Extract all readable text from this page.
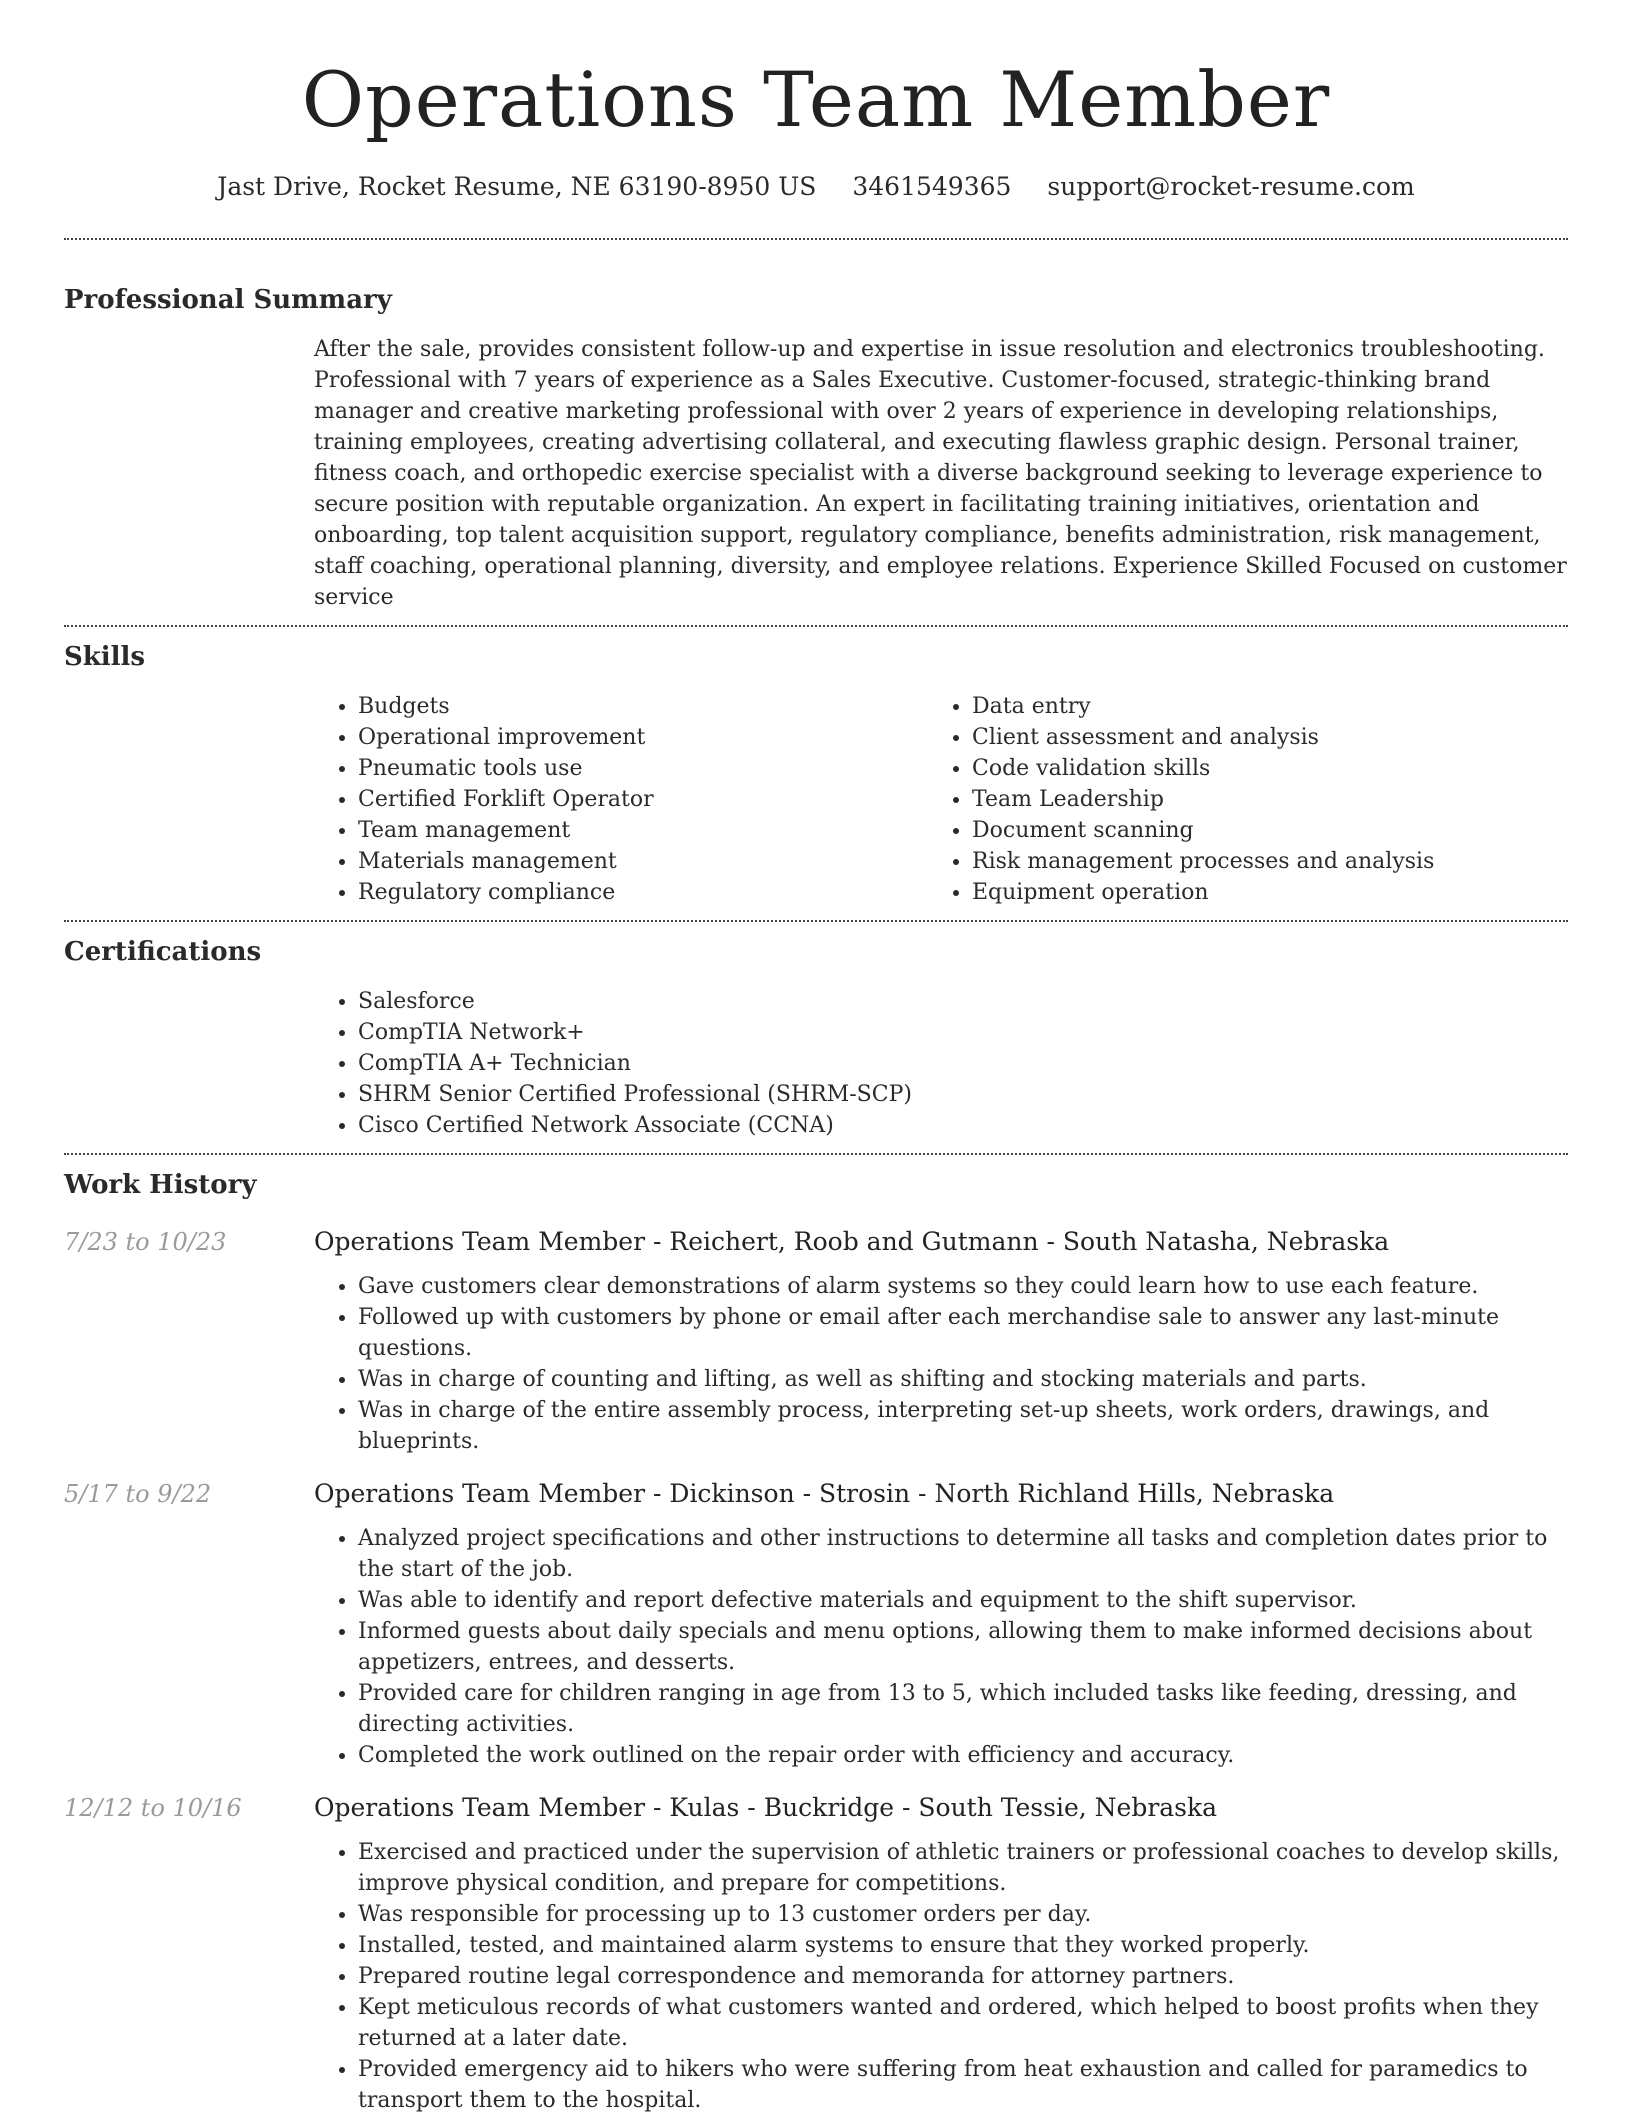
Operations Team Member
Jast Drive, Rocket Resume, NE 63190-8950 US 3461549365 support@rocket-resume.com
Professional Summary
After the sale, provides consistent follow-up and expertise in issue resolution and electronics troubleshooting. Professional with 7 years of experience as a Sales Executive. Customer-focused, strategic-thinking brand manager and creative marketing professional with over 2 years of experience in developing relationships, training employees, creating advertising collateral, and executing flawless graphic design. Personal trainer, fitness coach, and orthopedic exercise specialist with a diverse background seeking to leverage experience to secure position with reputable organization. An expert in facilitating training initiatives, orientation and onboarding, top talent acquisition support, regulatory compliance, benefits administration, risk management, staff coaching, operational planning, diversity, and employee relations. Experience Skilled Focused on customer service
Skills
• Budgets
• Operational improvement
• Pneumatic tools use
• Certified Forklift Operator
• Team management
• Materials management
• Regulatory compliance
• Data entry
• Client assessment and analysis
• Code validation skills
• Team Leadership
• Document scanning
• Risk management processes and analysis
• Equipment operation
Certifications
• Salesforce
• CompTIA Network+
• CompTIA A+ Technician
• SHRM Senior Certified Professional (SHRM-SCP)
• Cisco Certified Network Associate (CCNA)
Work History
7/23 to 10/23	Operations Team Member - Reichert, Roob and Gutmann - South Natasha, Nebraska
• Gave customers clear demonstrations of alarm systems so they could learn how to use each feature.
• Followed up with customers by phone or email after each merchandise sale to answer any last-minute questions.
• Was in charge of counting and lifting, as well as shifting and stocking materials and parts.
• Was in charge of the entire assembly process, interpreting set-up sheets, work orders, drawings, and blueprints.
5/17 to 9/22	Operations Team Member - Dickinson - Strosin - North Richland Hills, Nebraska
• Analyzed project specifications and other instructions to determine all tasks and completion dates prior to the start of the job.
• Was able to identify and report defective materials and equipment to the shift supervisor.
• Informed guests about daily specials and menu options, allowing them to make informed decisions about appetizers, entrees, and desserts.
• Provided care for children ranging in age from 13 to 5, which included tasks like feeding, dressing, and directing activities.
• Completed the work outlined on the repair order with efficiency and accuracy.
12/12 to 10/16	Operations Team Member - Kulas - Buckridge - South Tessie, Nebraska
• Exercised and practiced under the supervision of athletic trainers or professional coaches to develop skills, improve physical condition, and prepare for competitions.
• Was responsible for processing up to 13 customer orders per day.
• Installed, tested, and maintained alarm systems to ensure that they worked properly.
• Prepared routine legal correspondence and memoranda for attorney partners.
• Kept meticulous records of what customers wanted and ordered, which helped to boost profits when they returned at a later date.
• Provided emergency aid to hikers who were suffering from heat exhaustion and called for paramedics to transport them to the hospital.
